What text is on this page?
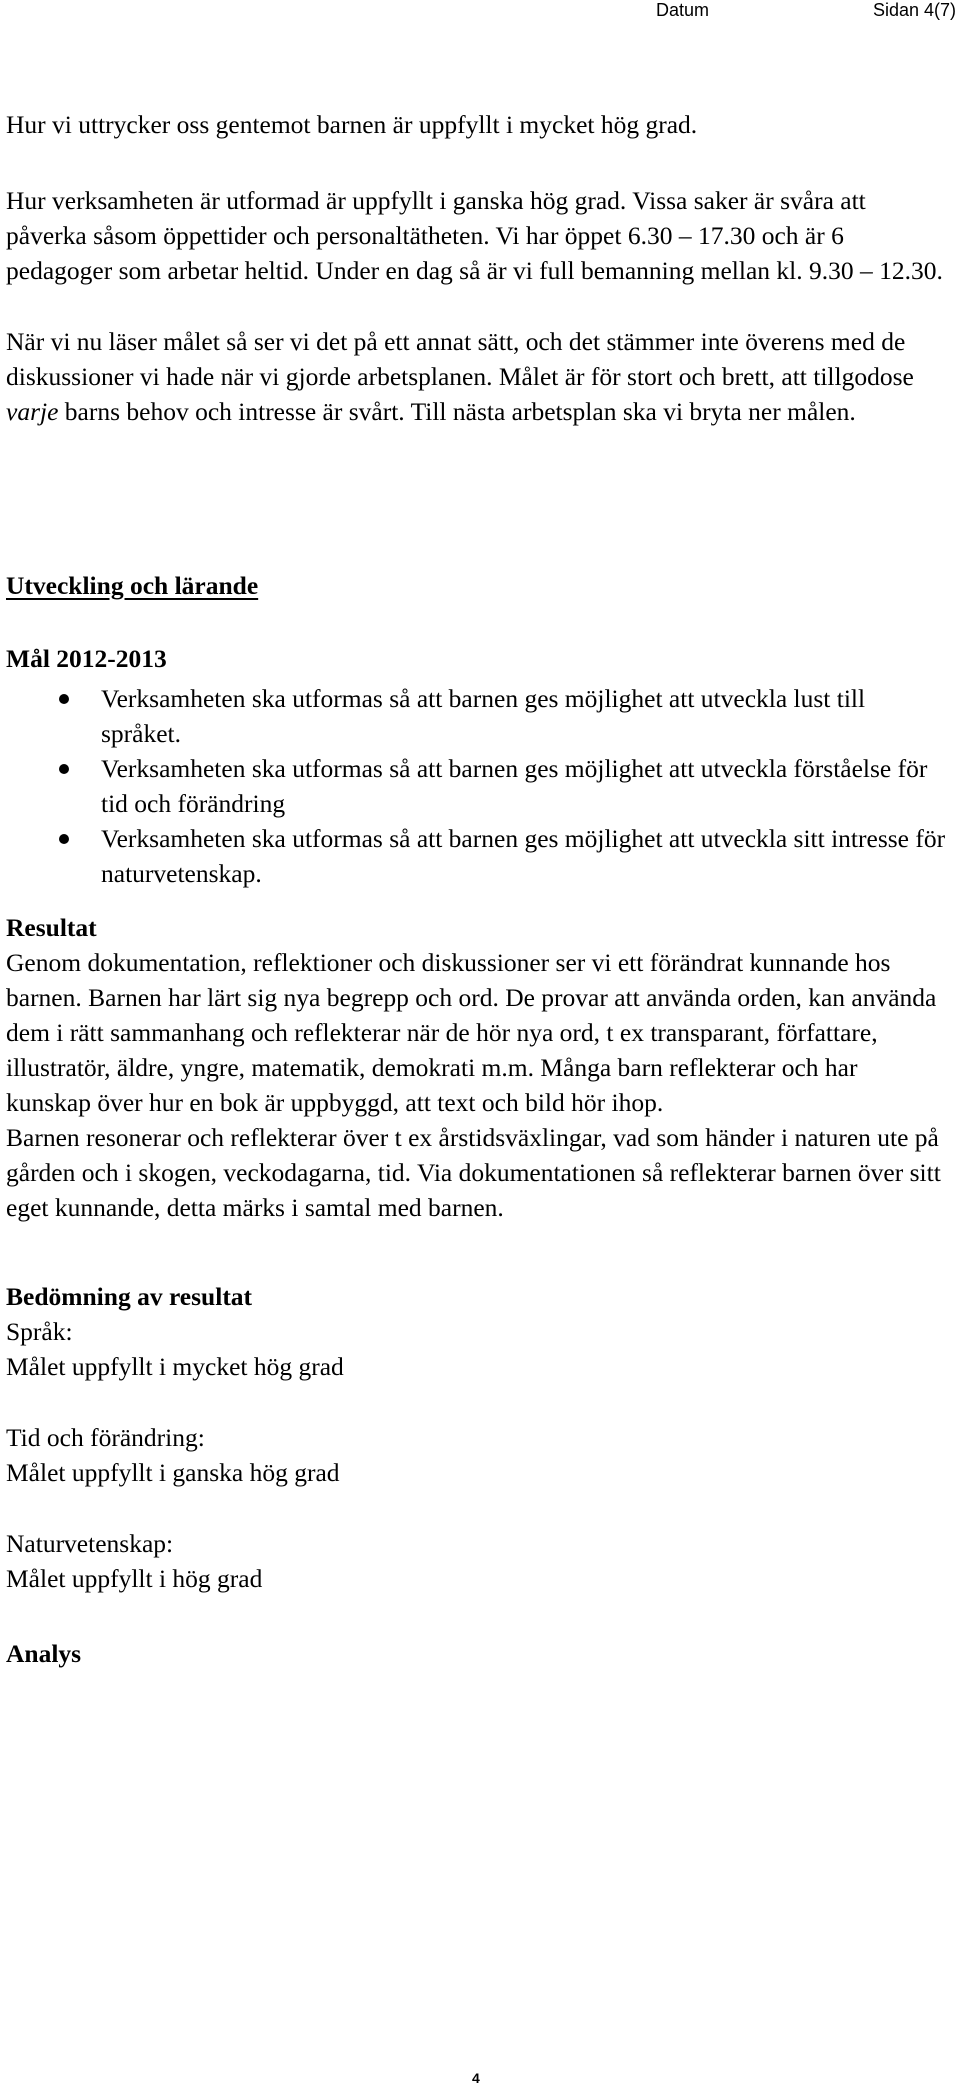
Datum	Sidan 4(7)

Hur vi uttrycker oss gentemot barnen är uppfyllt i mycket hög grad.

Hur verksamheten är utformad är uppfyllt i ganska hög grad. Vissa saker är svåra att påverka såsom öppettider och personaltätheten. Vi har öppet 6.30 – 17.30 och är 6 pedagoger som arbetar heltid. Under en dag så är vi full bemanning mellan kl. 9.30 – 12.30.

När vi nu läser målet så ser vi det på ett annat sätt, och det stämmer inte överens med de diskussioner vi hade när vi gjorde arbetsplanen. Målet är för stort och brett, att tillgodose varje barns behov och intresse är svårt. Till nästa arbetsplan ska vi bryta ner målen.

Utveckling och lärande

Mål 2012-2013

Verksamheten ska utformas så att barnen ges möjlighet att utveckla lust till språket.
Verksamheten ska utformas så att barnen ges möjlighet att utveckla förståelse för tid och förändring
Verksamheten ska utformas så att barnen ges möjlighet att utveckla sitt intresse för naturvetenskap.

Resultat

Genom dokumentation, reflektioner och diskussioner ser vi ett förändrat kunnande hos barnen. Barnen har lärt sig nya begrepp och ord. De provar att använda orden, kan använda dem i rätt sammanhang och reflekterar när de hör nya ord, t ex transparant, författare, illustratör, äldre, yngre, matematik, demokrati m.m. Många barn reflekterar och har kunskap över hur en bok är uppbyggd, att text och bild hör ihop.

Barnen resonerar och reflekterar över t ex årstidsväxlingar, vad som händer i naturen ute på gården och i skogen, veckodagarna, tid. Via dokumentationen så reflekterar barnen över sitt eget kunnande, detta märks i samtal med barnen.

Bedömning av resultat

Språk:

Målet uppfyllt i mycket hög grad

Tid och förändring:

Målet uppfyllt i ganska hög grad

Naturvetenskap:

Målet uppfyllt i hög grad

Analys

4
